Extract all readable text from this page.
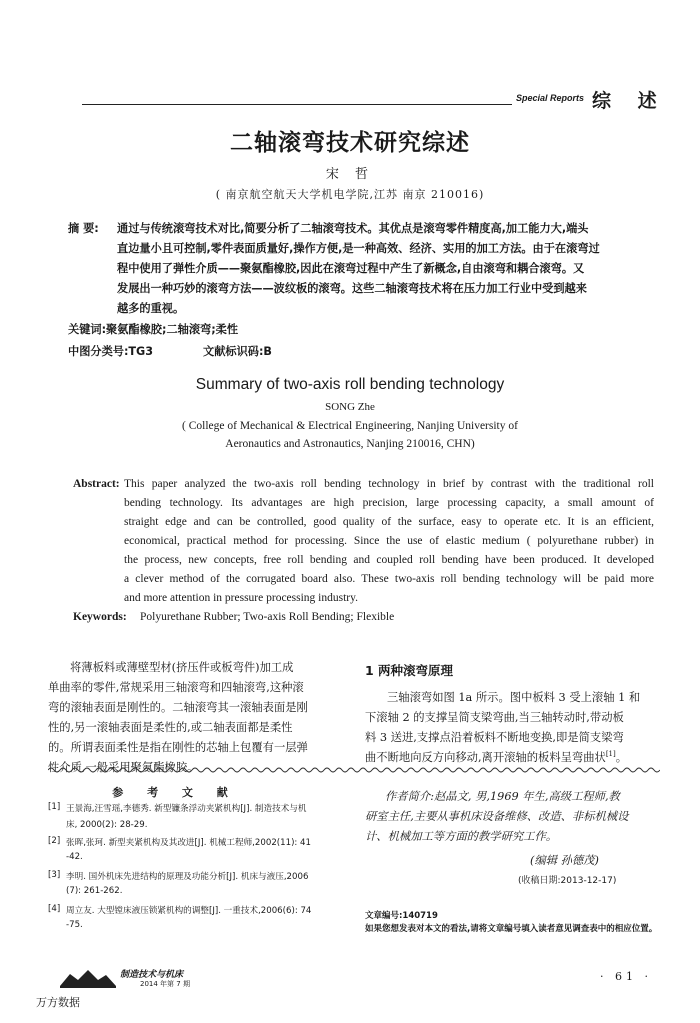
Special Reports 综 述
二轴滚弯技术研究综述
宋 哲
( 南京航空航天大学机电学院,江苏 南京 210016)
摘 要: 通过与传统滚弯技术对比,简要分析了二轴滚弯技术。其优点是滚弯零件精度高,加工能力大,端头
直边量小且可控制,零件表面质量好,操作方便,是一种高效、经济、实用的加工方法。由于在滚弯过
程中使用了弹性介质——聚氨酯橡胶,因此在滚弯过程中产生了新概念,自由滚弯和耦合滚弯。又
发展出一种巧妙的滚弯方法——波纹板的滚弯。这些二轴滚弯技术将在压力加工行业中受到越来
越多的重视。
关键词:聚氨酯橡胶;二轴滚弯;柔性
中图分类号:TG3	文献标识码:B
Summary of two-axis roll bending technology
SONG Zhe
( College of Mechanical & Electrical Engineering, Nanjing University of
Aeronautics and Astronautics, Nanjing 210016, CHN)
Abstract: This paper analyzed the two-axis roll bending technology in brief by contrast with the traditional roll
bending technology. Its advantages are high precision, large processing capacity, a small amount of
straight edge and can be controlled, good quality of the surface, easy to operate etc. It is an efficient,
economical, practical method for processing. Since the use of elastic medium ( polyurethane rubber) in
the process, new concepts, free roll bending and coupled roll bending have been produced. It developed
a clever method of the corrugated board also. These two-axis roll bending technology will be paid more
and more attention in pressure processing industry.
Keywords: Polyurethane Rubber; Two-axis Roll Bending; Flexible
将薄板料或薄壁型材(挤压件或板弯件)加工成
单曲率的零件,常规采用三轴滚弯和四轴滚弯,这种滚
弯的滚轴表面是刚性的。二轴滚弯其一滚轴表面是刚
性的,另一滚轴表面是柔性的,或二轴表面都是柔性
的。所谓表面柔性是指在刚性的芯轴上包覆有一层弹
性介质,一般采用聚氨酯橡胶。
1 两种滚弯原理
三轴滚弯如图 1a 所示。图中板料 3 受上滚轴 1 和
下滚轴 2 的支撑呈简支梁弯曲,当三轴转动时,带动板
料 3 送进,支撑点沿着板料不断地变换,即是简支梁弯
曲不断地向反方向移动,离开滚轴的板料呈弯曲状[1]。
参 考 文 献
[1] 王景海,汪雪瑶,李德秀. 新型镰条浮动夹紧机构[J]. 制造技术与机
床, 2000(2): 28-29.
[2] 张晖,张珂. 新型夹紧机构及其改进[J]. 机械工程师,2002(11): 41
-42.
[3] 李明. 国外机床先进结构的原理及功能分析[J]. 机床与液压,2006
(7): 261-262.
[4] 周立友. 大型镗床液压锁紧机构的调整[J]. 一重技术,2006(6): 74
-75.
作者简介:赵晶文, 男,1969 年生,高级工程师,教
研室主任,主要从事机床设备维修、改造、非标机械设
计、机械加工等方面的教学研究工作。
(编辑 孙德茂)
(收稿日期:2013-12-17)
文章编号:140719
如果您想发表对本文的看法,请将文章编号填入读者意见调查表中的相应位置。
制造技术与机床
2014 年第 7 期
· 61 ·
万方数据
